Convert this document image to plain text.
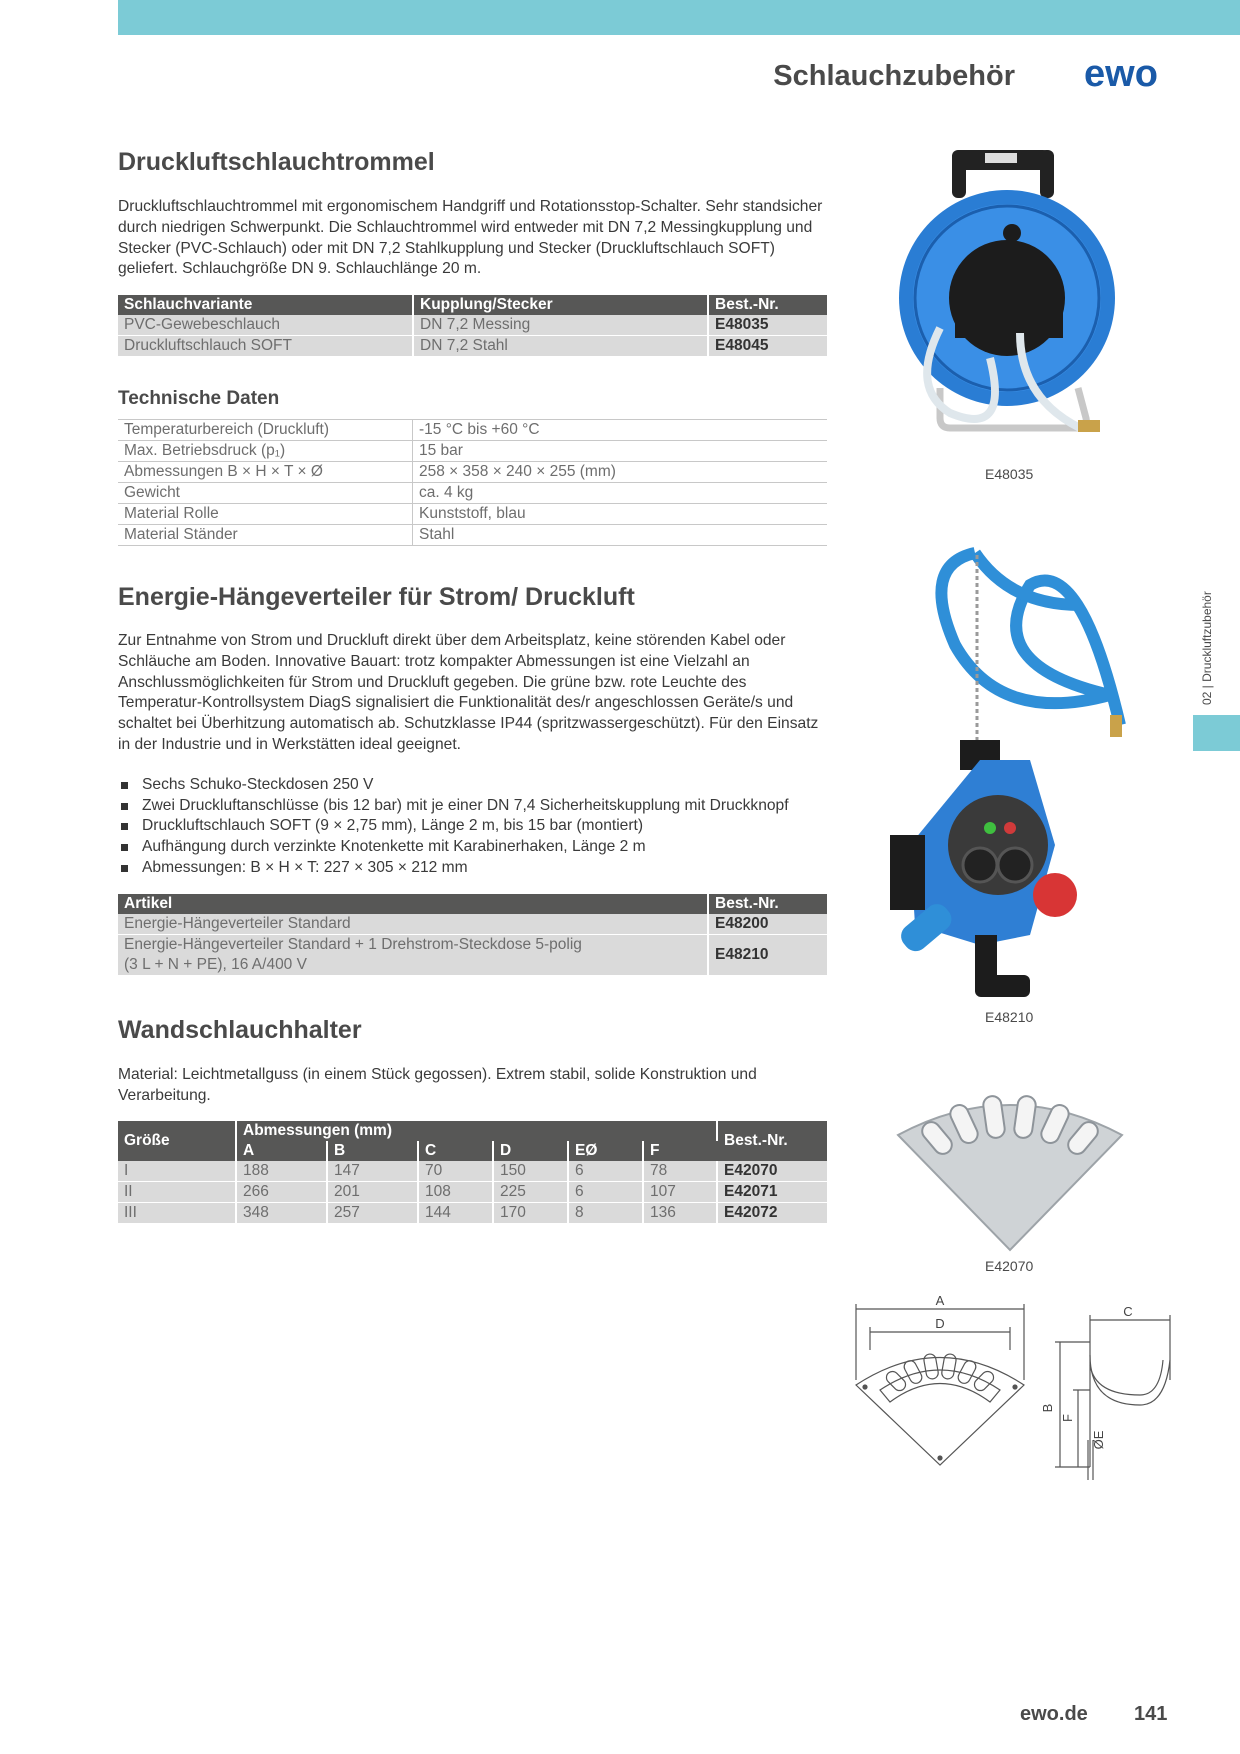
Schlauchzubehör ewo
02 | Druckluftzubehör
Druckluftschlauchtrommel
Druckluftschlauchtrommel mit ergonomischem Handgriff und Rotationsstop-Schalter. Sehr standsicher durch niedrigen Schwerpunkt. Die Schlauchtrommel wird entweder mit DN 7,2 Messingkupplung und Stecker (PVC-Schlauch) oder mit DN 7,2 Stahlkupplung und Stecker (Druckluftschlauch SOFT) geliefert. Schlauchgröße DN 9. Schlauchlänge 20 m.
Schlauchvariante	Kupplung/Stecker	Best.-Nr.
PVC-Gewebeschlauch	DN 7,2 Messing	E48035
Druckluftschlauch SOFT	DN 7,2 Stahl	E48045
Technische Daten
Temperaturbereich (Druckluft)	-15 °C bis +60 °C
Max. Betriebsdruck (p₁)	15 bar
Abmessungen B × H × T × Ø	258 × 358 × 240 × 255 (mm)
Gewicht	ca. 4 kg
Material Rolle	Kunststoff, blau
Material Ständer	Stahl
E48035
Energie-Hängeverteiler für Strom/ Druckluft
Zur Entnahme von Strom und Druckluft direkt über dem Arbeitsplatz, keine störenden Kabel oder Schläuche am Boden. Innovative Bauart: trotz kompakter Abmessungen ist eine Vielzahl an Anschlussmöglichkeiten für Strom und Druckluft gegeben. Die grüne bzw. rote Leuchte des Temperatur-Kontrollsystem DiagS signalisiert die Funktionalität des/r angeschlossen Geräte/s und schaltet bei Überhitzung automatisch ab. Schutzklasse IP44 (spritzwassergeschützt). Für den Einsatz in der Industrie und in Werkstätten ideal geeignet.
Sechs Schuko-Steckdosen 250 V
Zwei Druckluftanschlüsse (bis 12 bar) mit je einer DN 7,4 Sicherheitskupplung mit Druckknopf
Druckluftschlauch SOFT (9 × 2,75 mm), Länge 2 m, bis 15 bar (montiert)
Aufhängung durch verzinkte Knotenkette mit Karabinerhaken, Länge 2 m
Abmessungen: B × H × T: 227 × 305 × 212 mm
Artikel	Best.-Nr.
Energie-Hängeverteiler Standard	E48200
Energie-Hängeverteiler Standard + 1 Drehstrom-Steckdose 5-polig
(3 L + N + PE), 16 A/400 V	E48210
E48210
Wandschlauchhalter
Material: Leichtmetallguss (in einem Stück gegossen). Extrem stabil, solide Konstruktion und Verarbeitung.
Größe	Abmessungen (mm)						Best.-Nr.
	A	B	C	D	EØ	F	
I	188	147	70	150	6	78	E42070
II	266	201	108	225	6	107	E42071
III	348	257	144	170	8	136	E42072
E42070
A
D
C
B
F
ØE
ewo.de 141
